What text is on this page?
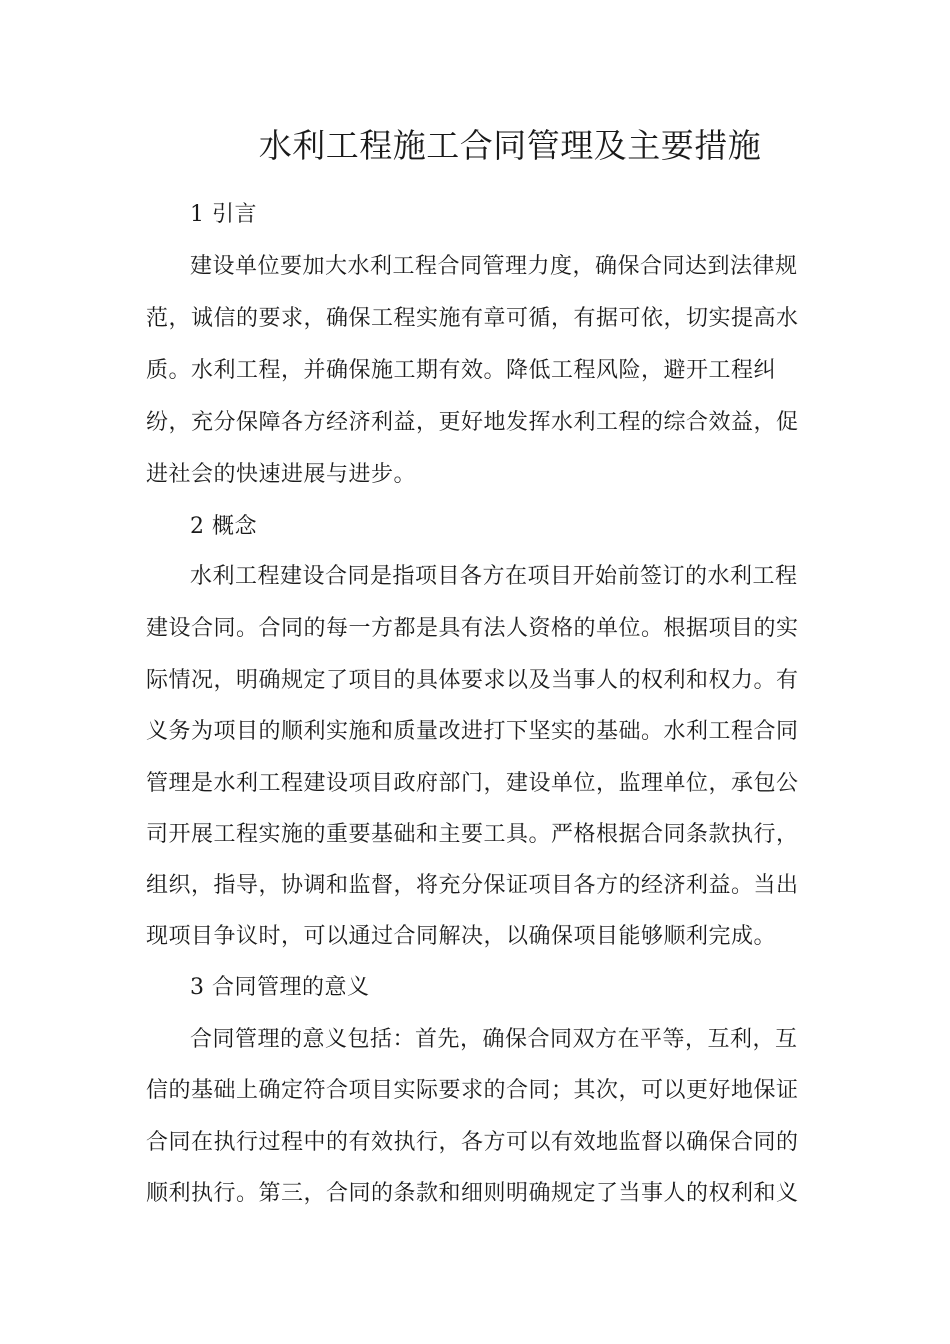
水利工程施工合同管理及主要措施
1 引言
建设单位要加大水利工程合同管理力度，确保合同达到法律规
范，诚信的要求，确保工程实施有章可循，有据可依，切实提高水
质。水利工程，并确保施工期有效。降低工程风险，避开工程纠
纷，充分保障各方经济利益，更好地发挥水利工程的综合效益，促
进社会的快速进展与进步。
2 概念
水利工程建设合同是指项目各方在项目开始前签订的水利工程
建设合同。合同的每一方都是具有法人资格的单位。根据项目的实
际情况，明确规定了项目的具体要求以及当事人的权利和权力。有
义务为项目的顺利实施和质量改进打下坚实的基础。水利工程合同
管理是水利工程建设项目政府部门，建设单位，监理单位，承包公
司开展工程实施的重要基础和主要工具。严格根据合同条款执行，
组织，指导，协调和监督，将充分保证项目各方的经济利益。当出
现项目争议时，可以通过合同解决，以确保项目能够顺利完成。
3 合同管理的意义
合同管理的意义包括：首先，确保合同双方在平等，互利，互
信的基础上确定符合项目实际要求的合同；其次，可以更好地保证
合同在执行过程中的有效执行，各方可以有效地监督以确保合同的
顺利执行。第三，合同的条款和细则明确规定了当事人的权利和义
